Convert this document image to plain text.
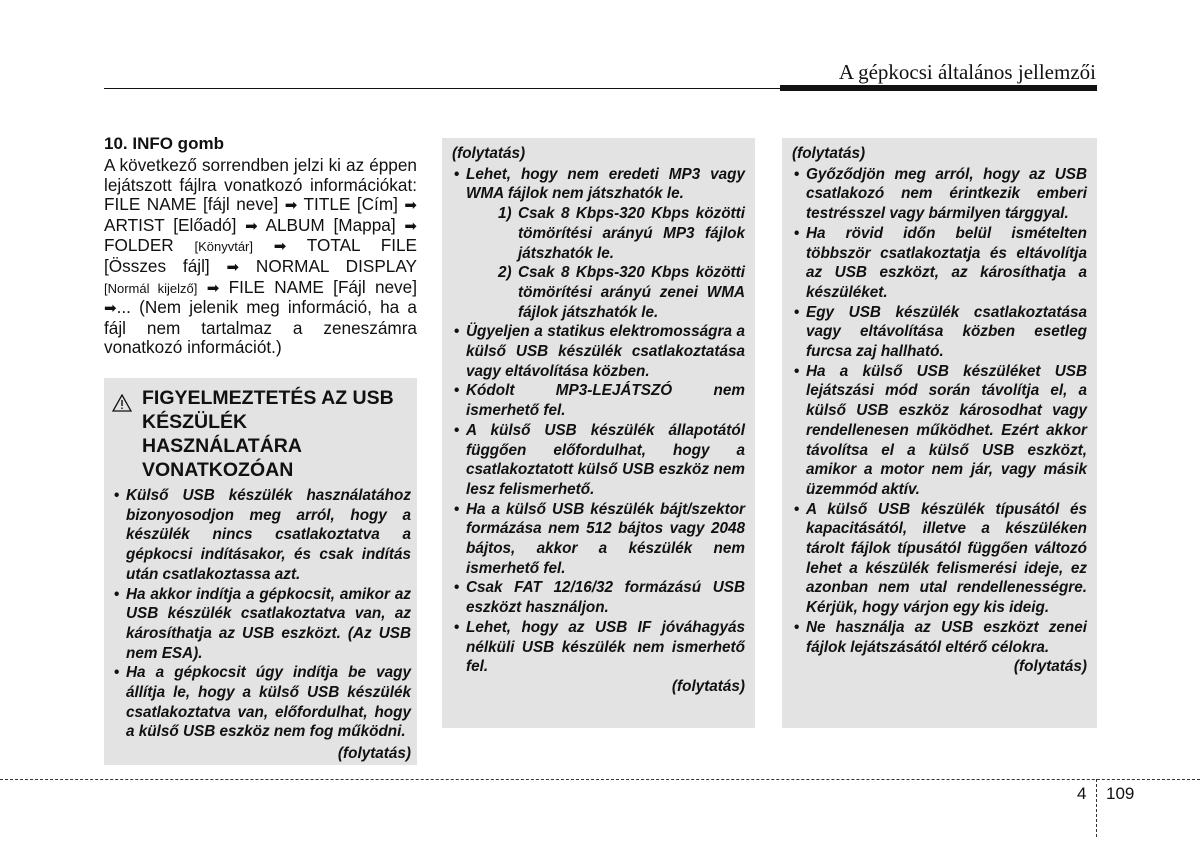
A gépkocsi általános jellemzői
10. INFO gomb

A következő sorrendben jelzi ki az éppen lejátszott fájlra vonatkozó információkat: FILE NAME [fájl neve] ➡ TITLE [Cím] ➡ ARTIST [Előadó] ➡ ALBUM [Mappa] ➡ FOLDER [Könyvtár] ➡ TOTAL FILE [Összes fájl] ➡ NORMAL DISPLAY [Normál kijelző] ➡ FILE NAME [Fájl neve] ➡... (Nem jelenik meg információ, ha a fájl nem tartalmaz a zeneszámra vonatkozó információt.)

FIGYELMEZTETÉS AZ USB KÉSZÜLÉK HASZNÁLATÁRA VONATKOZÓAN
• Külső USB készülék használatához bizonyosodjon meg arról, hogy a készülék nincs csatlakoztatva a gépkocsi indításakor, és csak indítás után csatlakoztassa azt.
• Ha akkor indítja a gépkocsit, amikor az USB készülék csatlakoztatva van, az károsíthatja az USB eszközt. (Az USB nem ESA).
• Ha a gépkocsit úgy indítja be vagy állítja le, hogy a külső USB készülék csatlakoztatva van, előfordulhat, hogy a külső USB eszköz nem fog működni.
(folytatás)
(folytatás)
• Lehet, hogy nem eredeti MP3 vagy WMA fájlok nem játszhatók le.
1) Csak 8 Kbps-320 Kbps közötti tömörítési arányú MP3 fájlok játszhatók le.
2) Csak 8 Kbps-320 Kbps közötti tömörítési arányú zenei WMA fájlok játszhatók le.
• Ügyeljen a statikus elektromosságra a külső USB készülék csatlakoztatása vagy eltávolítása közben.
• Kódolt MP3-LEJÁTSZÓ nem ismerhető fel.
• A külső USB készülék állapotától függően előfordulhat, hogy a csatlakoztatott külső USB eszköz nem lesz felismerhető.
• Ha a külső USB készülék bájt/szektor formázása nem 512 bájtos vagy 2048 bájtos, akkor a készülék nem ismerhető fel.
• Csak FAT 12/16/32 formázású USB eszközt használjon.
• Lehet, hogy az USB IF jóváhagyás nélküli USB készülék nem ismerhető fel.
(folytatás)
(folytatás)
• Győződjön meg arról, hogy az USB csatlakozó nem érintkezik emberi testrésszel vagy bármilyen tárggyal.
• Ha rövid időn belül ismételten többször csatlakoztatja és eltávolítja az USB eszközt, az károsíthatja a készüléket.
• Egy USB készülék csatlakoztatása vagy eltávolítása közben esetleg furcsa zaj hallható.
• Ha a külső USB készüléket USB lejátszási mód során távolítja el, a külső USB eszköz károsodhat vagy rendellenesen működhet. Ezért akkor távolítsa el a külső USB eszközt, amikor a motor nem jár, vagy másik üzemmód aktív.
• A külső USB készülék típusától és kapacitásától, illetve a készüléken tárolt fájlok típusától függően változó lehet a készülék felismerési ideje, ez azonban nem utal rendellenességre. Kérjük, hogy várjon egy kis ideig.
• Ne használja az USB eszközt zenei fájlok lejátszásától eltérő célokra.
(folytatás)
4 109
